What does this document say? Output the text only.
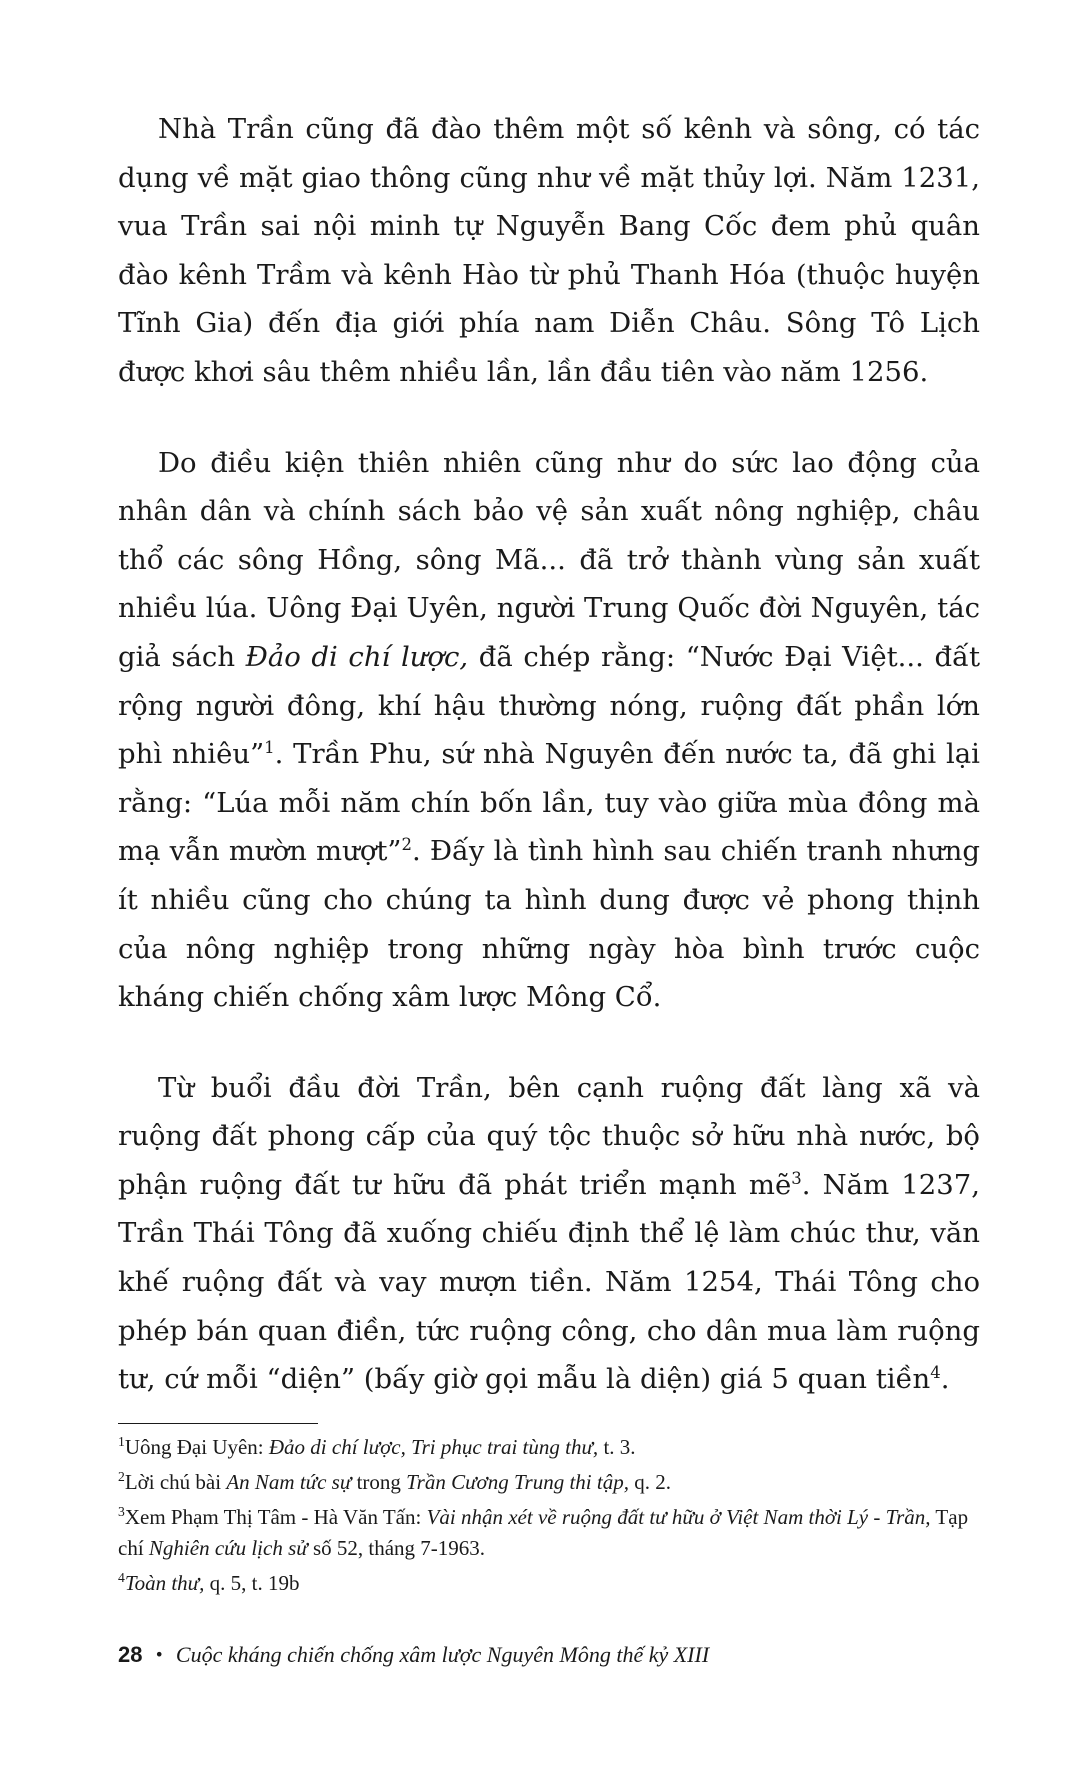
Nhà Trần cũng đã đào thêm một số kênh và sông, có tác dụng về mặt giao thông cũng như về mặt thủy lợi. Năm 1231, vua Trần sai nội minh tự Nguyễn Bang Cốc đem phủ quân đào kênh Trầm và kênh Hào từ phủ Thanh Hóa (thuộc huyện Tĩnh Gia) đến địa giới phía nam Diễn Châu. Sông Tô Lịch được khơi sâu thêm nhiều lần, lần đầu tiên vào năm 1256.

Do điều kiện thiên nhiên cũng như do sức lao động của nhân dân và chính sách bảo vệ sản xuất nông nghiệp, châu thổ các sông Hồng, sông Mã... đã trở thành vùng sản xuất nhiều lúa. Uông Đại Uyên, người Trung Quốc đời Nguyên, tác giả sách Đảo di chí lược, đã chép rằng: “Nước Đại Việt... đất rộng người đông, khí hậu thường nóng, ruộng đất phần lớn phì nhiêu”$^1$. Trần Phu, sứ nhà Nguyên đến nước ta, đã ghi lại rằng: “Lúa mỗi năm chín bốn lần, tuy vào giữa mùa đông mà mạ vẫn mườn mượt”$^2$. Đấy là tình hình sau chiến tranh nhưng ít nhiều cũng cho chúng ta hình dung được vẻ phong thịnh của nông nghiệp trong những ngày hòa bình trước cuộc kháng chiến chống xâm lược Mông Cổ.

Từ buổi đầu đời Trần, bên cạnh ruộng đất làng xã và ruộng đất phong cấp của quý tộc thuộc sở hữu nhà nước, bộ phận ruộng đất tư hữu đã phát triển mạnh mẽ$^3$. Năm 1237, Trần Thái Tông đã xuống chiếu định thể lệ làm chúc thư, văn khế ruộng đất và vay mượn tiền. Năm 1254, Thái Tông cho phép bán quan điền, tức ruộng công, cho dân mua làm ruộng tư, cứ mỗi “diện” (bấy giờ gọi mẫu là diện) giá 5 quan tiền$^4$.

$^1$Uông Đại Uyên: Đảo di chí lược, Tri phục trai tùng thư, t. 3.

$^2$Lời chú bài An Nam tức sự trong Trần Cương Trung thi tập, q. 2.

$^3$Xem Phạm Thị Tâm - Hà Văn Tấn: Vài nhận xét về ruộng đất tư hữu ở Việt Nam thời Lý - Trần, Tạp chí Nghiên cứu lịch sử số 52, tháng 7-1963.

$^4$Toàn thư, q. 5, t. 19b

28 • Cuộc kháng chiến chống xâm lược Nguyên Mông thế kỷ XIII
